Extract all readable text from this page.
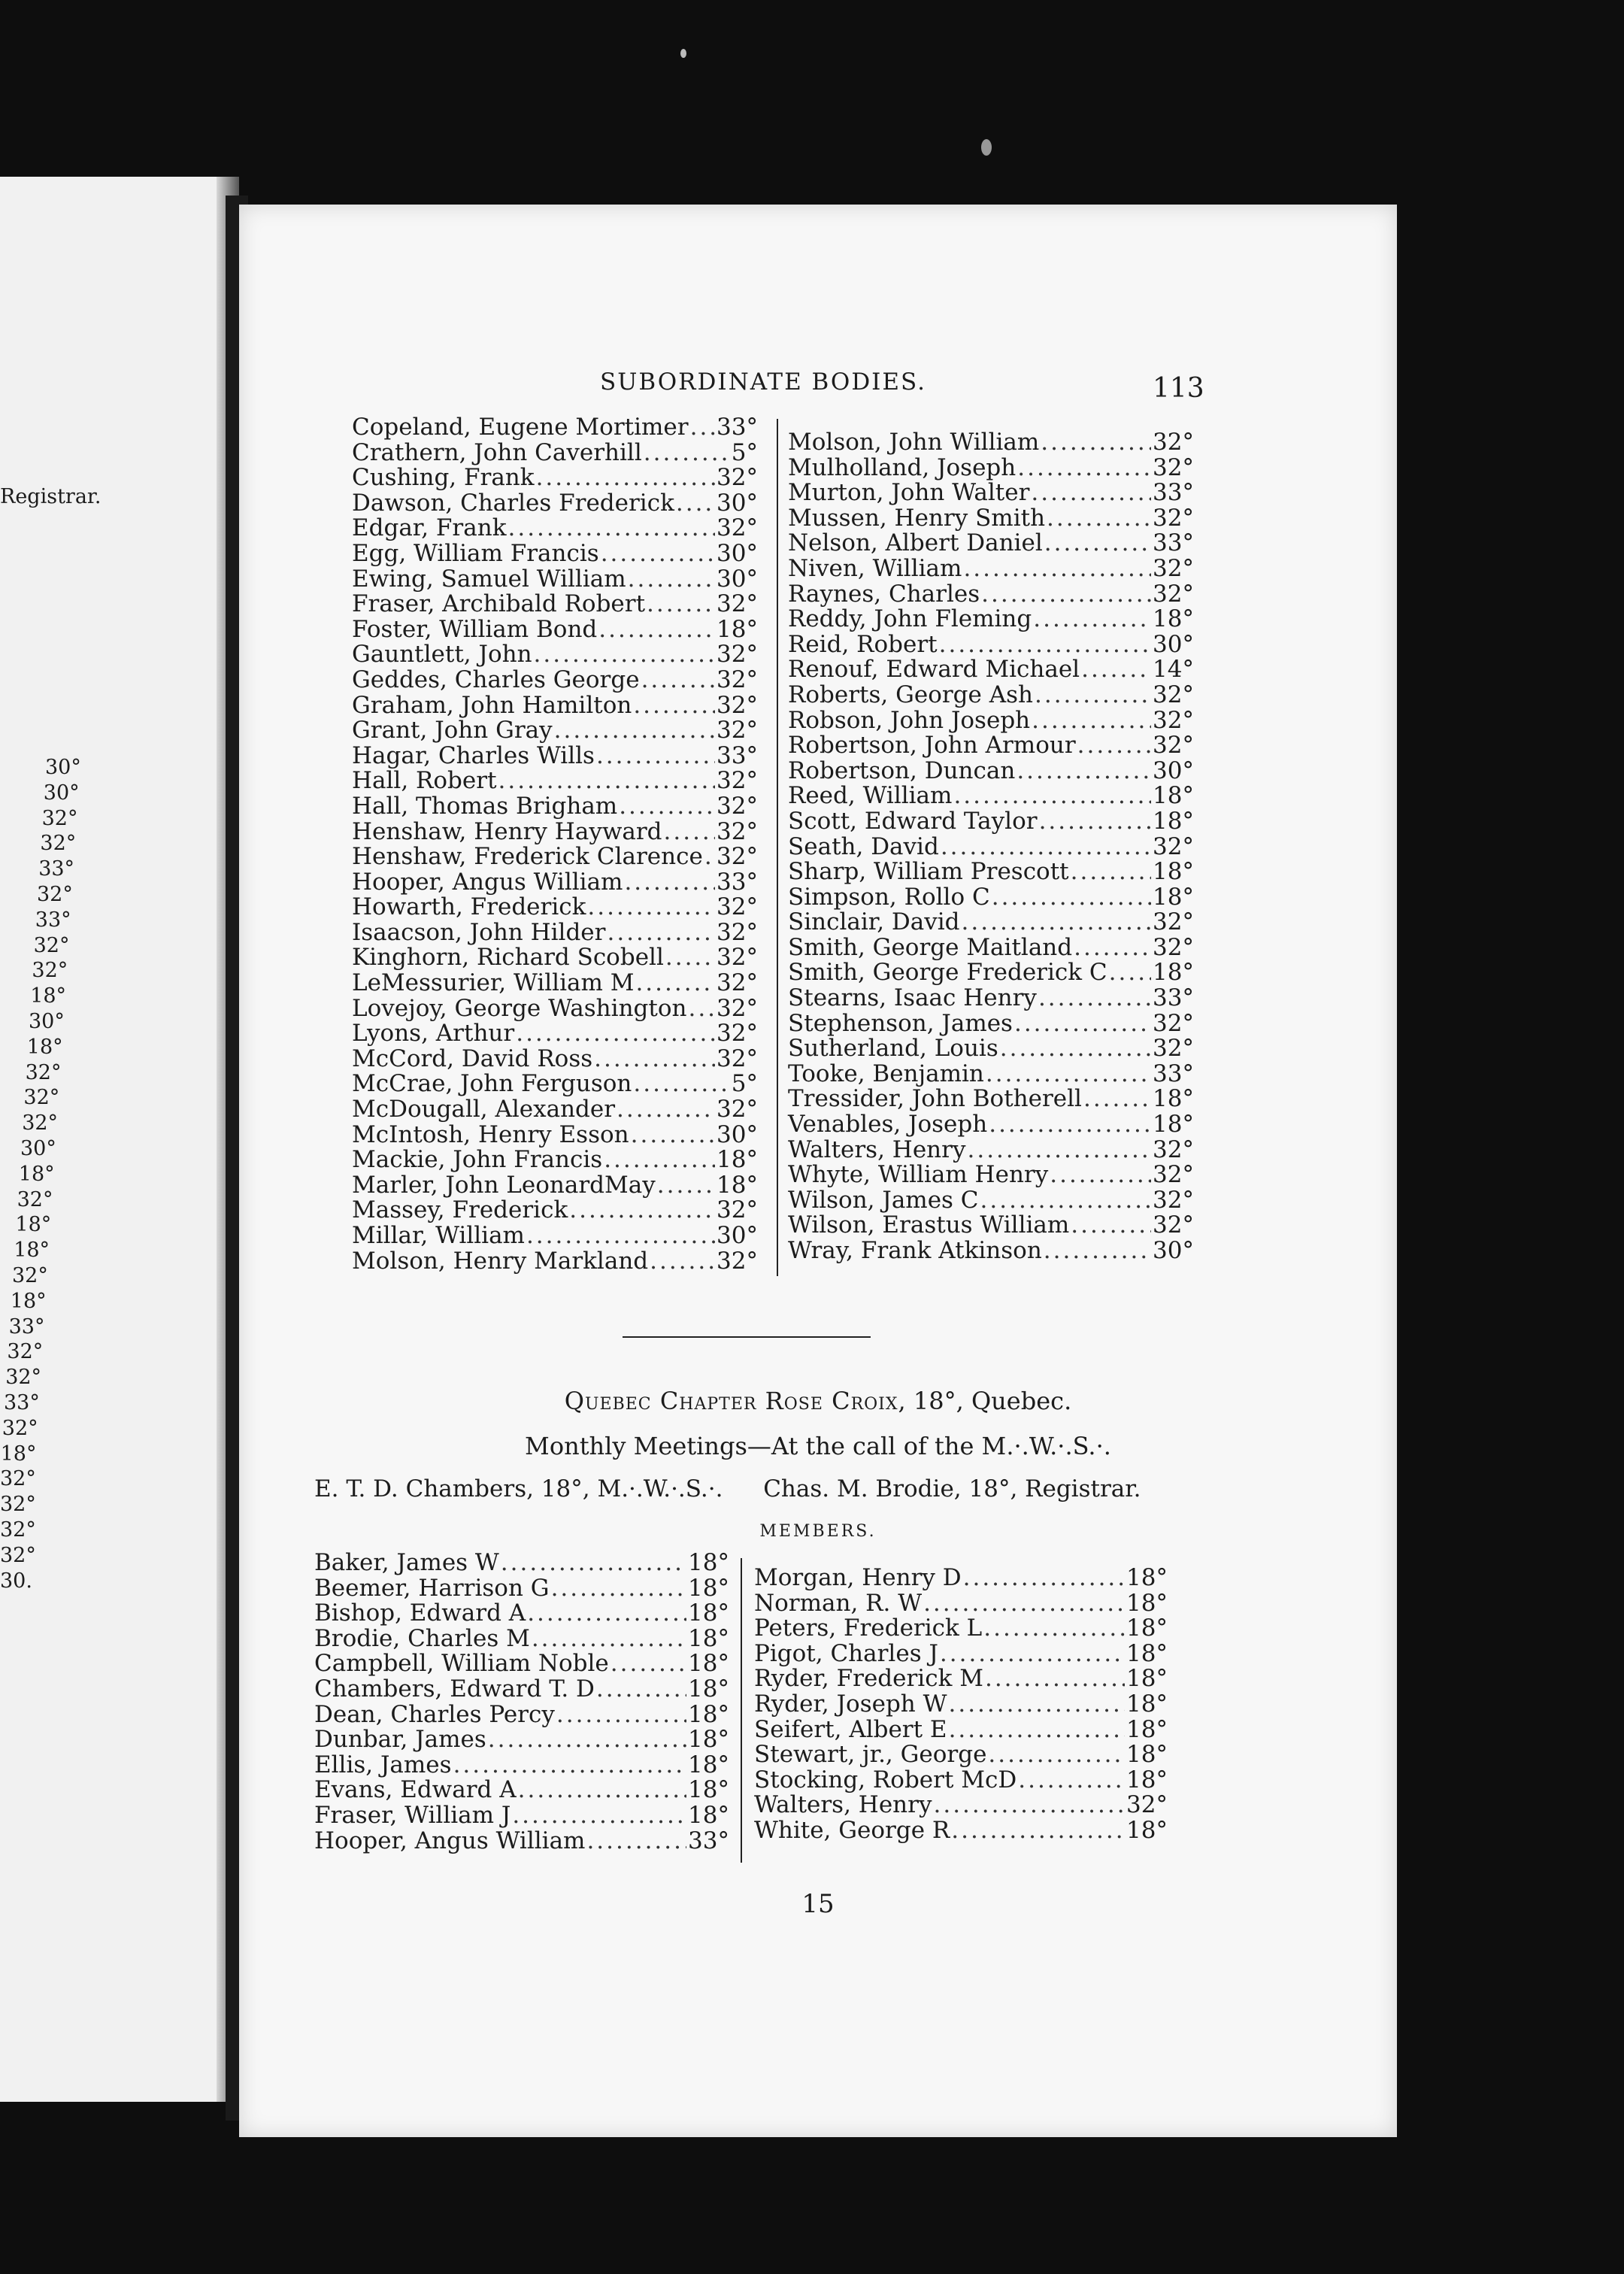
Registrar.
30°
30°
32°
32°
33°
32°
33°
32°
32°
18°
30°
18°
32°
32°
32°
30°
18°
32°
18°
18°
32°
18°
33°
32°
32°
33°
32°
18°
32°
32°
32°
32°
30.
SUBORDINATE BODIES.	113
Copeland, Eugene Mortimer ..... 33°
Crathern, John Caverhill .....	5°
Cushing, Frank .....	32°
Dawson, Charles Frederick ..... 30°
Edgar, Frank .....	32°
Egg, William Francis .....	30°
Ewing, Samuel William .....	30°
Fraser, Archibald Robert .....	32°
Foster, William Bond .....	18°
Gauntlett, John .....	32°
Geddes, Charles George .....	32°
Graham, John Hamilton .....	32°
Grant, John Gray .....	32°
Hagar, Charles Wills .....	33°
Hall, Robert .....	32°
Hall, Thomas Brigham .....	32°
Henshaw, Henry Hayward ..... 32°
Henshaw, Frederick Clarence ..... 32°
Hooper, Angus William .....	33°
Howarth, Frederick .....	32°
Isaacson, John Hilder .....	32°
Kinghorn, Richard Scobell ..... 32°
LeMessurier, William M .....	32°
Lovejoy, George Washington ..... 32°
Lyons, Arthur .....	32°
McCord, David Ross .....	32°
McCrae, John Ferguson .....	5°
McDougall, Alexander .....	32°
McIntosh, Henry Esson .....	30°
Mackie, John Francis .....	18°
Marler, John LeonardMay .....	18°
Massey, Frederick .....	32°
Millar, William .....	30°
Molson, Henry Markland .....	32°
Molson, John William .....	32°
Mulholland, Joseph .....	32°
Murton, John Walter .....	33°
Mussen, Henry Smith .....	32°
Nelson, Albert Daniel .....	33°
Niven, William .....	32°
Raynes, Charles .....	32°
Reddy, John Fleming .....	18°
Reid, Robert .....	30°
Renouf, Edward Michael .....	14°
Roberts, George Ash .....	32°
Robson, John Joseph .....	32°
Robertson, John Armour .....	32°
Robertson, Duncan .....	30°
Reed, William .....	18°
Scott, Edward Taylor .....	18°
Seath, David .....	32°
Sharp, William Prescott .....	18°
Simpson, Rollo C .....	18°
Sinclair, David .....	32°
Smith, George Maitland .....	32°
Smith, George Frederick C ..... 18°
Stearns, Isaac Henry .....	33°
Stephenson, James .....	32°
Sutherland, Louis .....	32°
Tooke, Benjamin .....	33°
Tressider, John Botherell .....	18°
Venables, Joseph .....	18°
Walters, Henry .....	32°
Whyte, William Henry .....	32°
Wilson, James C .....	32°
Wilson, Erastus William .....	32°
Wray, Frank Atkinson .....	30°
Quebec Chapter Rose Croix, 18°, Quebec.
Monthly Meetings—At the call of the M.·.W.·.S.·.
E. T. D. Chambers, 18°, M.·.W.·.S.·. Chas. M. Brodie, 18°, Registrar.
MEMBERS.
Baker, James W .....	18°
Beemer, Harrison G .....	18°
Bishop, Edward A .....	18°
Brodie, Charles M .....	18°
Campbell, William Noble .....	18°
Chambers, Edward T. D .....	18°
Dean, Charles Percy .....	18°
Dunbar, James .....	18°
Ellis, James .....	18°
Evans, Edward A .....	18°
Fraser, William J .....	18°
Hooper, Angus William .....	33°
Morgan, Henry D .....	18°
Norman, R. W .....	18°
Peters, Frederick L .....	18°
Pigot, Charles J .....	18°
Ryder, Frederick M .....	18°
Ryder, Joseph W .....	18°
Seifert, Albert E .....	18°
Stewart, jr., George .....	18°
Stocking, Robert McD .....	18°
Walters, Henry .....	32°
White, George R .....	18°
15
